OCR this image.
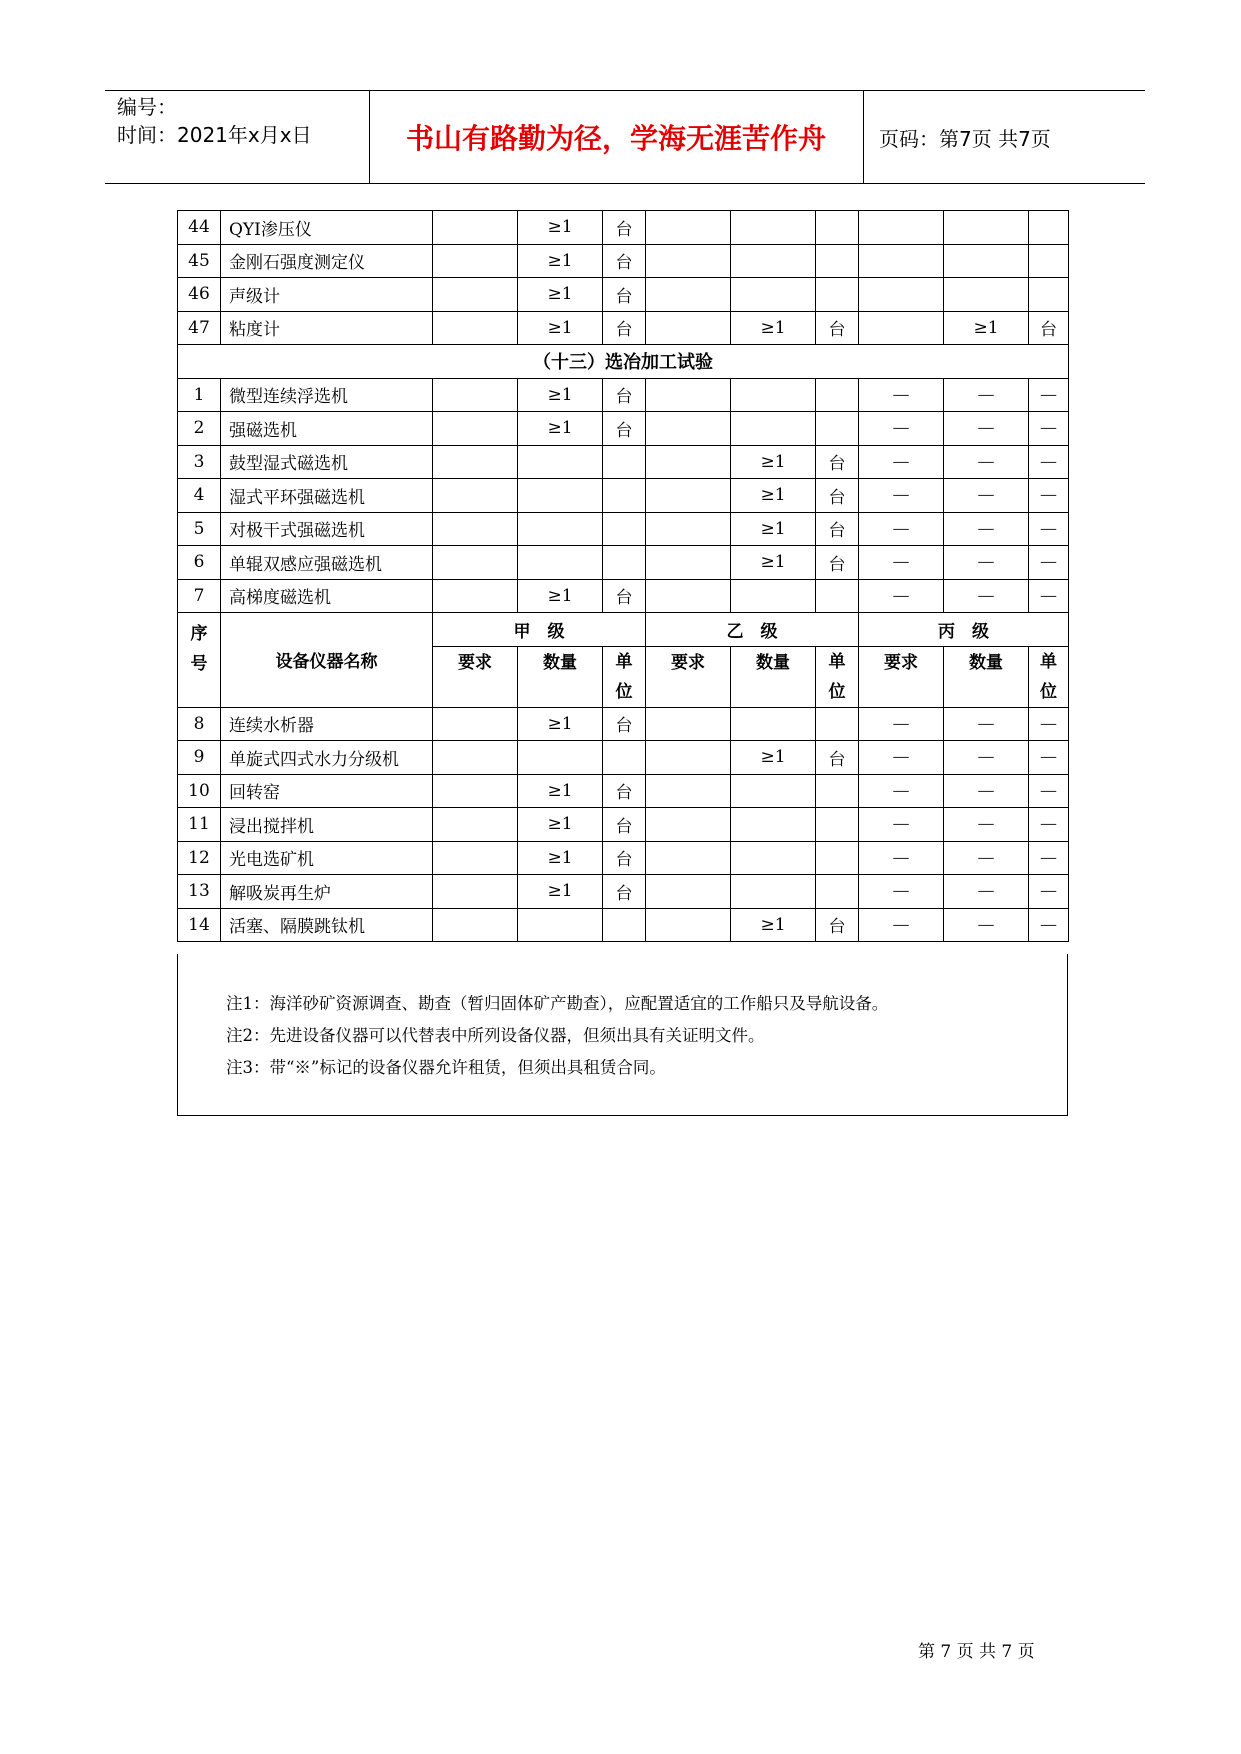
编号：
时间：2021年x月x日	书山有路勤为径，学海无涯苦作舟	页码：第7页 共7页
44	QYI渗压仪		≥1	台						
45	金刚石强度测定仪		≥1	台						
46	声级计		≥1	台						
47	粘度计		≥1	台		≥1	台		≥1	台
（十三）选冶加工试验										
1	微型连续浮选机		≥1	台				—	—	—
2	强磁选机		≥1	台				—	—	—
3	鼓型湿式磁选机					≥1	台	—	—	—
4	湿式平环强磁选机					≥1	台	—	—	—
5	对极干式强磁选机					≥1	台	—	—	—
6	单辊双感应强磁选机					≥1	台	—	—	—
7	高梯度磁选机		≥1	台				—	—	—
序号	设备仪器名称	甲　级			乙　级			丙　级		
		要求	数量	单位	要求	数量	单位	要求	数量	单位
8	连续水析器		≥1	台				—	—	—
9	单旋式四式水力分级机					≥1	台	—	—	—
10	回转窑		≥1	台				—	—	—
11	浸出搅拌机		≥1	台				—	—	—
12	光电选矿机		≥1	台				—	—	—
13	解吸炭再生炉		≥1	台				—	—	—
14	活塞、隔膜跳钛机					≥1	台	—	—	—
注1：海洋砂矿资源调查、勘查（暂归固体矿产勘查），应配置适宜的工作船只及导航设备。
注2：先进设备仪器可以代替表中所列设备仪器，但须出具有关证明文件。
注3：带“※”标记的设备仪器允许租赁，但须出具租赁合同。
第 7 页 共 7 页
